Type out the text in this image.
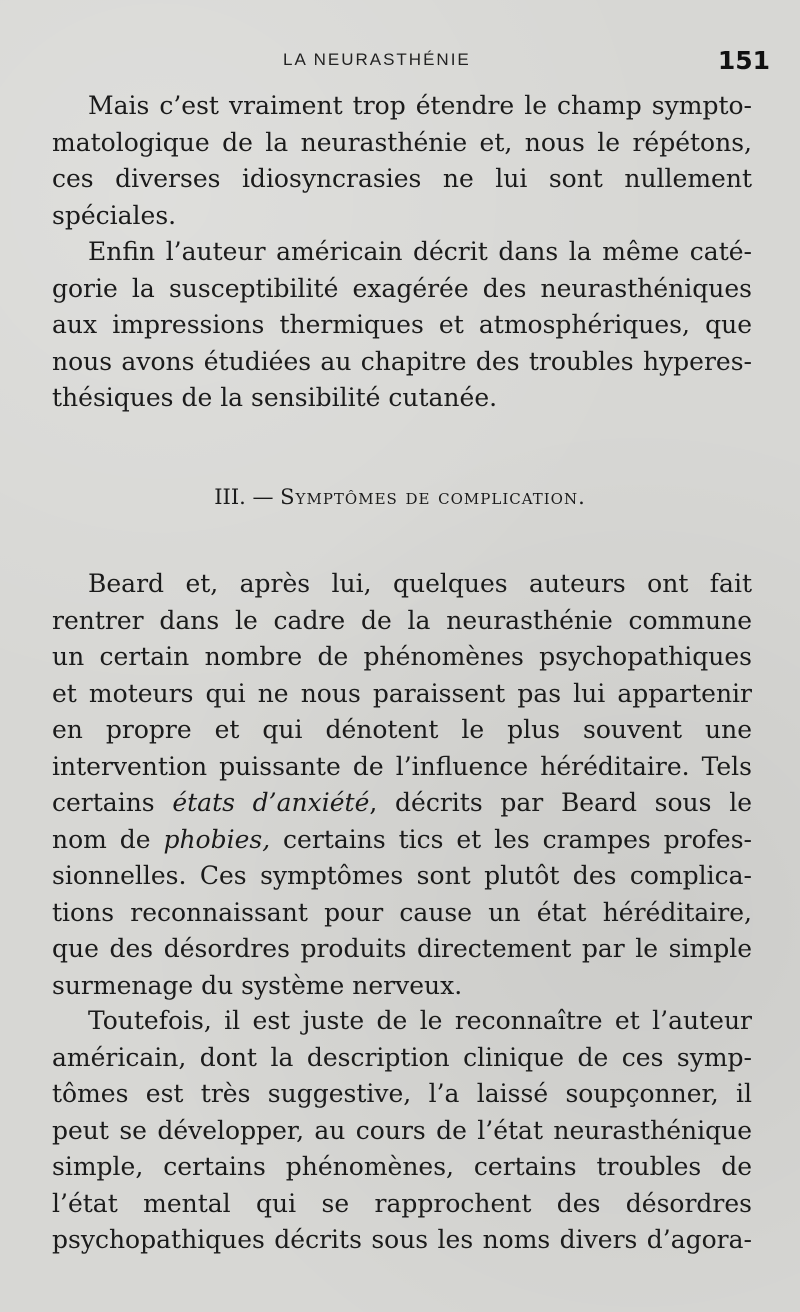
LA NEURASTHÉNIE	151
Mais c’est vraiment trop étendre le champ sympto-
matologique de la neurasthénie et, nous le répétons,
ces diverses idiosyncrasies ne lui sont nullement
spéciales.
Enfin l’auteur américain décrit dans la même caté-
gorie la susceptibilité exagérée des neurasthéniques
aux impressions thermiques et atmosphériques, que
nous avons étudiées au chapitre des troubles hyperes-
thésiques de la sensibilité cutanée.
III. — Symptômes de complication.
Beard et, après lui, quelques auteurs ont fait
rentrer dans le cadre de la neurasthénie commune
un certain nombre de phénomènes psychopathiques
et moteurs qui ne nous paraissent pas lui appartenir
en propre et qui dénotent le plus souvent une
intervention puissante de l’influence héréditaire. Tels
certains états d’anxiété, décrits par Beard sous le
nom de phobies, certains tics et les crampes profes-
sionnelles. Ces symptômes sont plutôt des complica-
tions reconnaissant pour cause un état héréditaire,
que des désordres produits directement par le simple
surmenage du système nerveux.
Toutefois, il est juste de le reconnaître et l’auteur
américain, dont la description clinique de ces symp-
tômes est très suggestive, l’a laissé soupçonner, il
peut se développer, au cours de l’état neurasthénique
simple, certains phénomènes, certains troubles de
l’état mental qui se rapprochent des désordres
psychopathiques décrits sous les noms divers d’agora-
